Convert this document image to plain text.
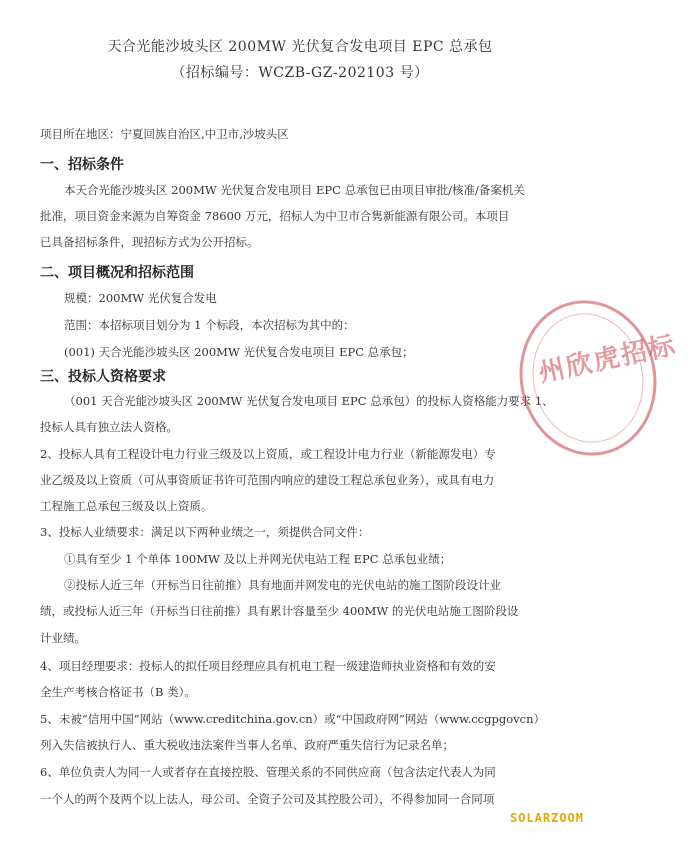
天合光能沙坡头区 200MW 光伏复合发电项目 EPC 总承包
（招标编号：WCZB-GZ-202103 号）
项目所在地区：宁夏回族自治区,中卫市,沙坡头区
一、招标条件
本天合光能沙坡头区 200MW 光伏复合发电项目 EPC 总承包已由项目审批/核准/备案机关
批准，项目资金来源为自筹资金 78600 万元，招标人为中卫市合隽新能源有限公司。本项目
已具备招标条件，现招标方式为公开招标。
二、项目概况和招标范围
规模：200MW 光伏复合发电
范围：本招标项目划分为 1 个标段，本次招标为其中的：
(001) 天合光能沙坡头区 200MW 光伏复合发电项目 EPC 总承包；
三、投标人资格要求
（001 天合光能沙坡头区 200MW 光伏复合发电项目 EPC 总承包）的投标人资格能力要求 1、
投标人具有独立法人资格。
2、投标人具有工程设计电力行业三级及以上资质，或工程设计电力行业（新能源发电）专
业乙级及以上资质（可从事资质证书许可范围内响应的建设工程总承包业务），或具有电力
工程施工总承包三级及以上资质。
3、投标人业绩要求：满足以下两种业绩之一，须提供合同文件：
①具有至少 1 个单体 100MW 及以上并网光伏电站工程 EPC 总承包业绩；
②投标人近三年（开标当日往前推）具有地面并网发电的光伏电站的施工图阶段设计业
绩，或投标人近三年（开标当日往前推）具有累计容量至少 400MW 的光伏电站施工图阶段设
计业绩。
4、项目经理要求：投标人的拟任项目经理应具有机电工程一级建造师执业资格和有效的安
全生产考核合格证书（B 类）。
5、未被“信用中国”网站（www.creditchina.gov.cn）或“中国政府网”网站（www.ccgpgovcn）
列入失信被执行人、重大税收违法案件当事人名单、政府严重失信行为记录名单；
6、单位负责人为同一人或者存在直接控股、管理关系的不同供应商（包含法定代表人为同
一个人的两个及两个以上法人，母公司、全资子公司及其控股公司），不得参加同一合同项
州欣虎招标
SOLARZOOM
